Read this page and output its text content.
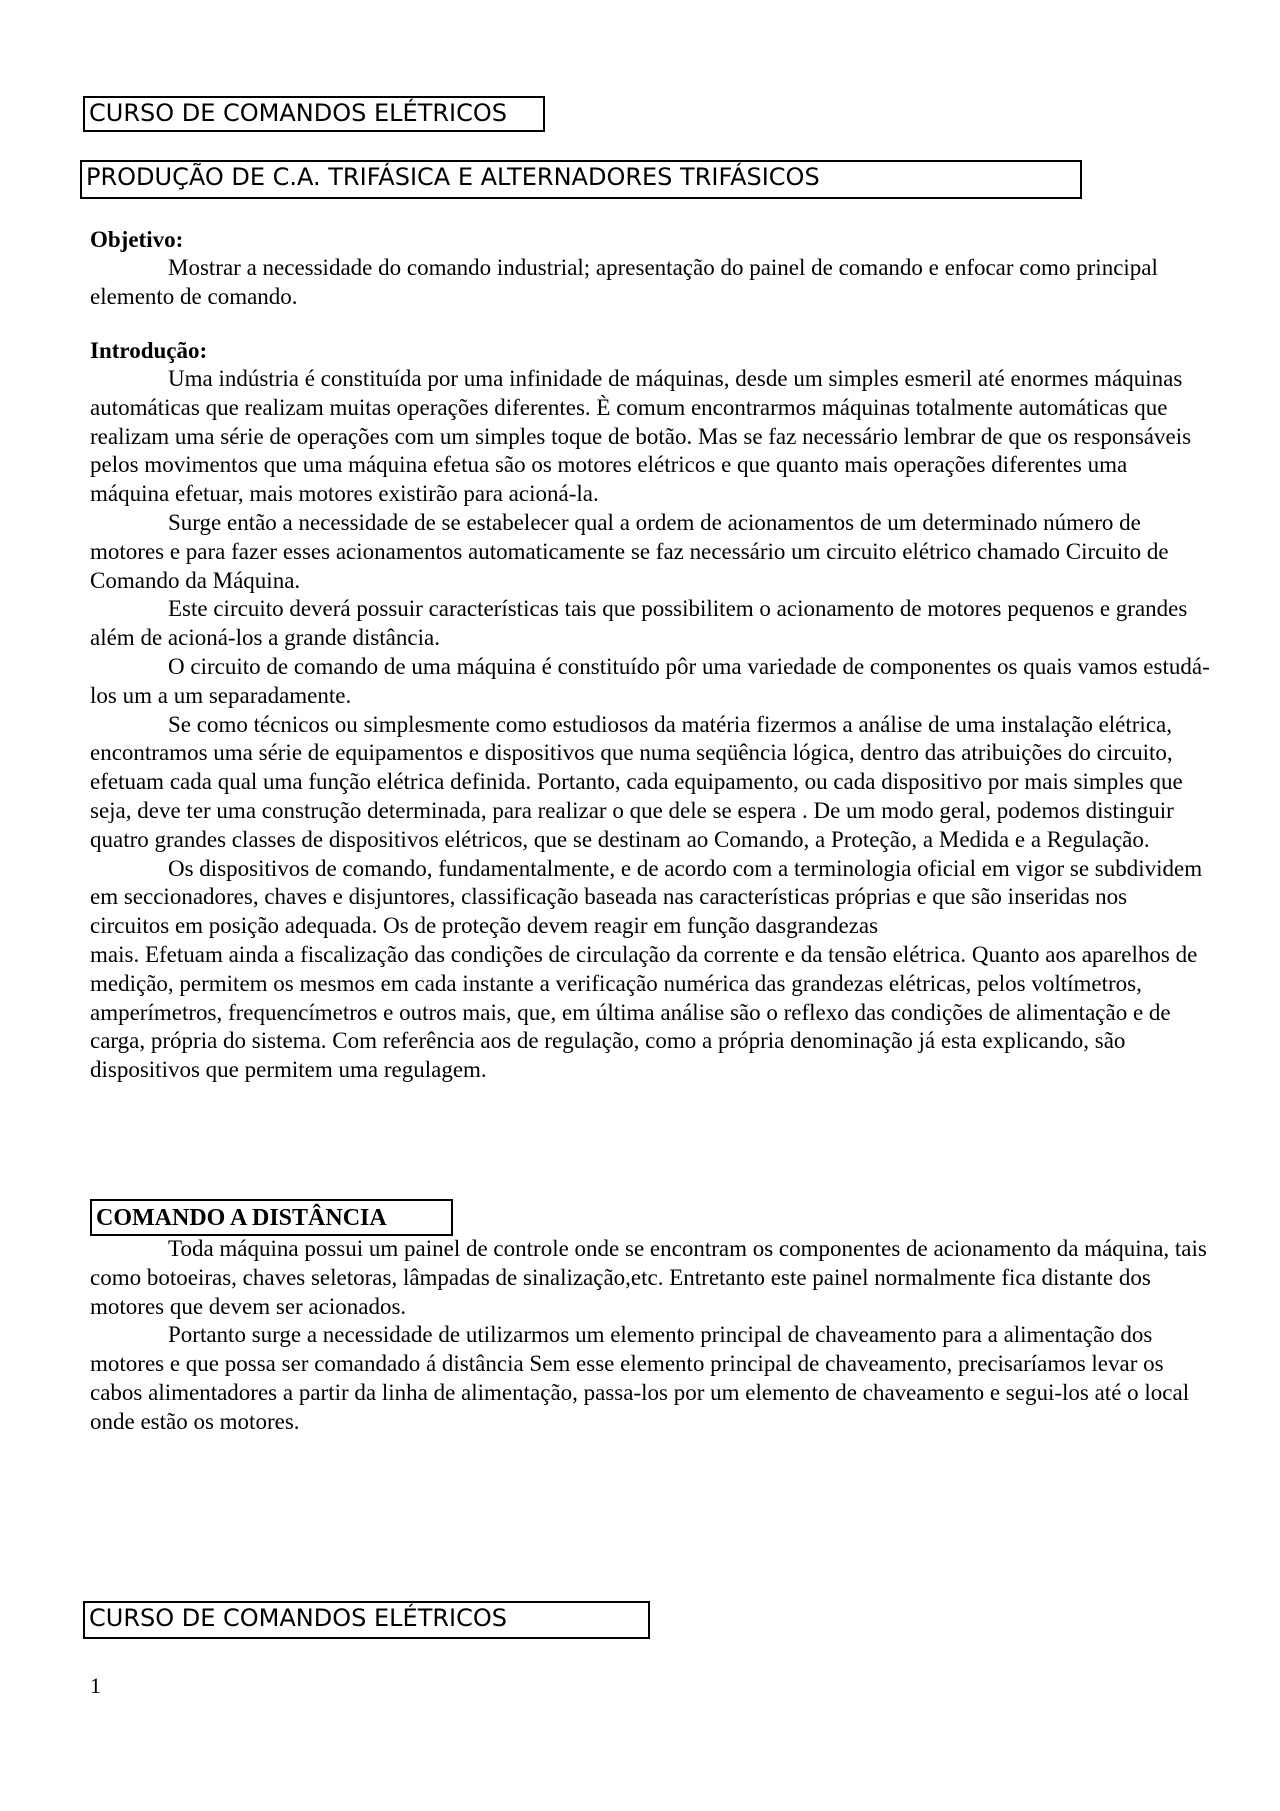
CURSO DE COMANDOS ELÉTRICOS
PRODUÇÃO DE C.A. TRIFÁSICA E ALTERNADORES TRIFÁSICOS
Objetivo:

Mostrar a necessidade do comando industrial; apresentação do painel de comando e enfocar como principal elemento de comando.

Introdução:

Uma indústria é constituída por uma infinidade de máquinas, desde um simples esmeril até enormes máquinas automáticas que realizam muitas operações diferentes. È comum encontrarmos máquinas totalmente automáticas que realizam uma série de operações com um simples toque de botão. Mas se faz necessário lembrar de que os responsáveis pelos movimentos que uma máquina efetua são os motores elétricos e que quanto mais operações diferentes uma máquina efetuar, mais motores existirão para acioná-la.

Surge então a necessidade de se estabelecer qual a ordem de acionamentos de um determinado número de motores e para fazer esses acionamentos automaticamente se faz necessário um circuito elétrico chamado Circuito de Comando da Máquina.

Este circuito deverá possuir características tais que possibilitem o acionamento de motores pequenos e grandes além de acioná-los a grande distância.

O circuito de comando de uma máquina é constituído pôr uma variedade de componentes os quais vamos estudá-los um a um separadamente.

Se como técnicos ou simplesmente como estudiosos da matéria fizermos a análise de uma instalação elétrica, encontramos uma série de equipamentos e dispositivos que numa seqüência lógica, dentro das atribuições do circuito, efetuam cada qual uma função elétrica definida. Portanto, cada equipamento, ou cada dispositivo por mais simples que seja, deve ter uma construção determinada, para realizar o que dele se espera . De um modo geral, podemos distinguir quatro grandes classes de dispositivos elétricos, que se destinam ao Comando, a Proteção, a Medida e a Regulação.

Os dispositivos de comando, fundamentalmente, e de acordo com a terminologia oficial em vigor se subdividem em seccionadores, chaves e disjuntores, classificação baseada nas características próprias e que são inseridas nos circuitos em posição adequada. Os de proteção devem reagir em função dasgrandezas

mais. Efetuam ainda a fiscalização das condições de circulação da corrente e da tensão elétrica. Quanto aos aparelhos de medição, permitem os mesmos em cada instante a verificação numérica das grandezas elétricas, pelos voltímetros, amperímetros, frequencímetros e outros mais, que, em última análise são o reflexo das condições de alimentação e de carga, própria do sistema. Com referência aos de regulação, como a própria denominação já esta explicando, são dispositivos que permitem uma regulagem.

COMANDO A DISTÂNCIA

Toda máquina possui um painel de controle onde se encontram os componentes de acionamento da máquina, tais como botoeiras, chaves seletoras, lâmpadas de sinalização,etc. Entretanto este painel normalmente fica distante dos motores que devem ser acionados.

Portanto surge a necessidade de utilizarmos um elemento principal de chaveamento para a alimentação dos motores e que possa ser comandado á distância Sem esse elemento principal de chaveamento, precisaríamos levar os cabos alimentadores a partir da linha de alimentação, passa-los por um elemento de chaveamento e segui-los até o local onde estão os motores.

CURSO DE COMANDOS ELÉTRICOS
1
